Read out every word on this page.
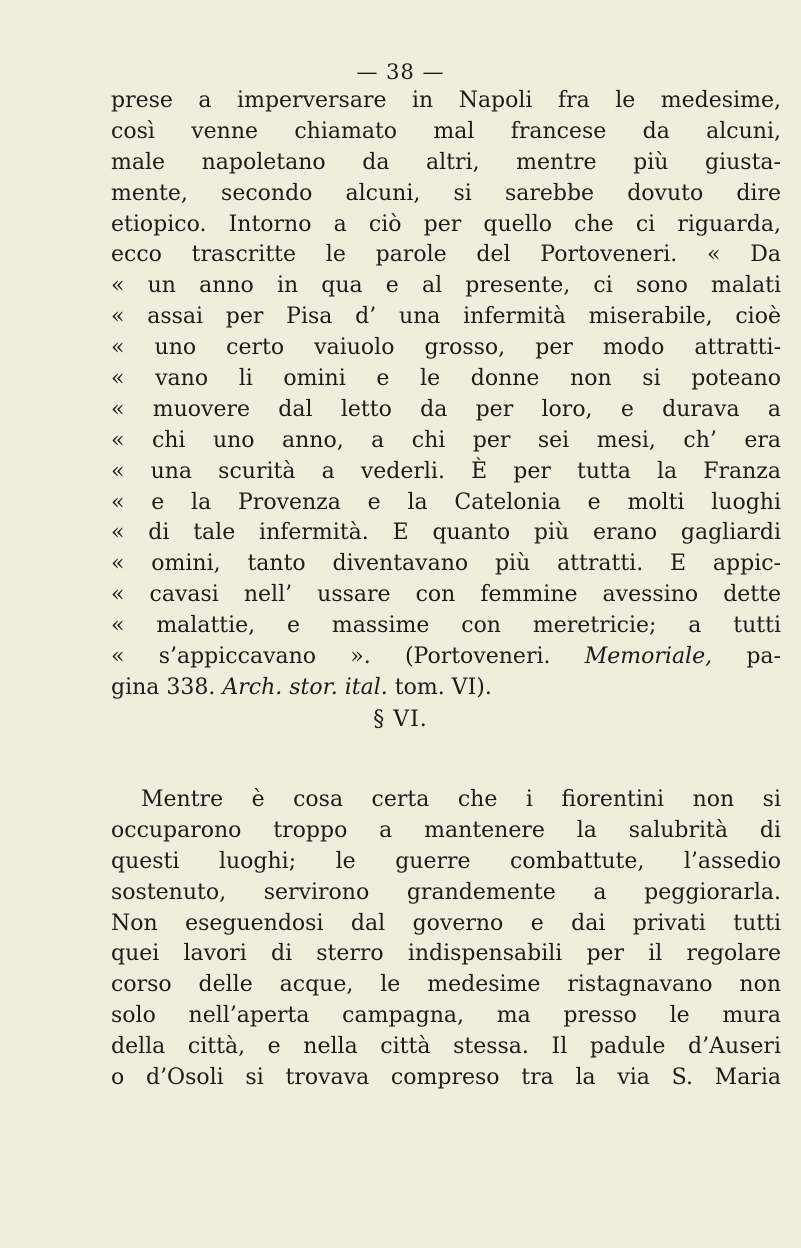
— 38 —
prese a imperversare in Napoli fra le medesime,
così venne chiamato mal francese da alcuni,
male napoletano da altri, mentre più giusta-
mente, secondo alcuni, si sarebbe dovuto dire
etiopico. Intorno a ciò per quello che ci riguarda,
ecco trascritte le parole del Portoveneri. « Da
« un anno in qua e al presente, ci sono malati
« assai per Pisa d’ una infermità miserabile, cioè
« uno certo vaiuolo grosso, per modo attratti-
« vano li omini e le donne non si poteano
« muovere dal letto da per loro, e durava a
« chi uno anno, a chi per sei mesi, ch’ era
« una scurità a vederli. È per tutta la Franza
« e la Provenza e la Catelonia e molti luoghi
« di tale infermità. E quanto più erano gagliardi
« omini, tanto diventavano più attratti. E appic-
« cavasi nell’ ussare con femmine avessino dette
« malattie, e massime con meretricie; a tutti
« s’appiccavano ». (Portoveneri. Memoriale, pa-
gina 338. Arch. stor. ital. tom. VI).
§ VI.
Mentre è cosa certa che i fiorentini non si
occuparono troppo a mantenere la salubrità di
questi luoghi; le guerre combattute, l’assedio
sostenuto, servirono grandemente a peggiorarla.
Non eseguendosi dal governo e dai privati tutti
quei lavori di sterro indispensabili per il regolare
corso delle acque, le medesime ristagnavano non
solo nell’aperta campagna, ma presso le mura
della città, e nella città stessa. Il padule d’Auseri
o d’Osoli si trovava compreso tra la via S. Maria
